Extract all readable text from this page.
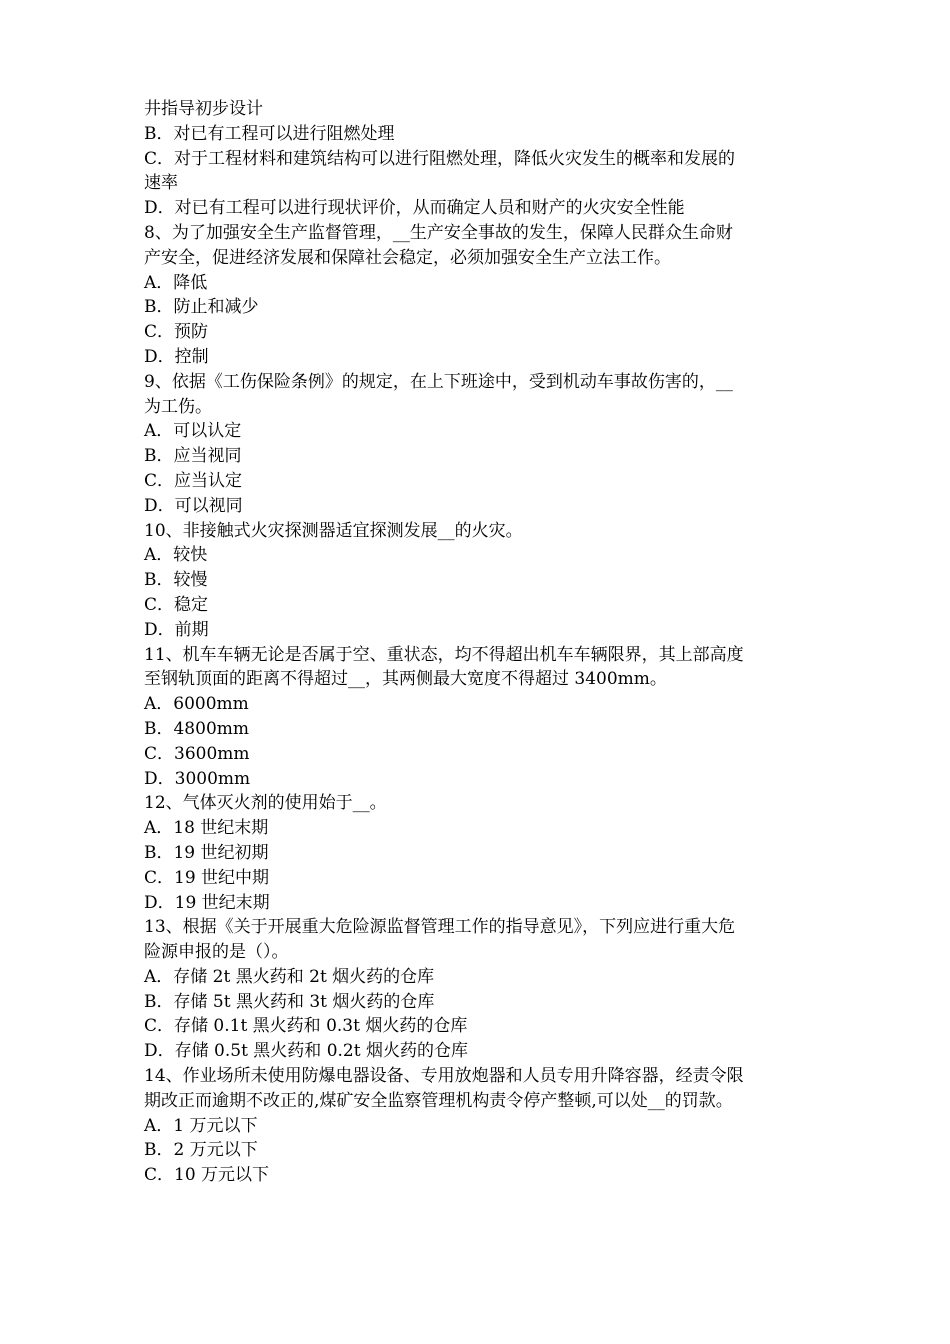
井指导初步设计
B．对已有工程可以进行阻燃处理
C．对于工程材料和建筑结构可以进行阻燃处理，降低火灾发生的概率和发展的
速率
D．对已有工程可以进行现状评价，从而确定人员和财产的火灾安全性能
8、为了加强安全生产监督管理，__生产安全事故的发生，保障人民群众生命财
产安全，促进经济发展和保障社会稳定，必须加强安全生产立法工作。
A．降低
B．防止和减少
C．预防
D．控制
9、依据《工伤保险条例》的规定，在上下班途中，受到机动车事故伤害的，__
为工伤。
A．可以认定
B．应当视同
C．应当认定
D．可以视同
10、非接触式火灾探测器适宜探测发展__的火灾。
A．较快
B．较慢
C．稳定
D．前期
11、机车车辆无论是否属于空、重状态，均不得超出机车车辆限界，其上部高度
至钢轨顶面的距离不得超过__，其两侧最大宽度不得超过 3400mm。
A．6000mm
B．4800mm
C．3600mm
D．3000mm
12、气体灭火剂的使用始于__。
A．18 世纪末期
B．19 世纪初期
C．19 世纪中期
D．19 世纪末期
13、根据《关于开展重大危险源监督管理工作的指导意见》，下列应进行重大危
险源申报的是（）。
A．存储 2t 黑火药和 2t 烟火药的仓库
B．存储 5t 黑火药和 3t 烟火药的仓库
C．存储 0.1t 黑火药和 0.3t 烟火药的仓库
D．存储 0.5t 黑火药和 0.2t 烟火药的仓库
14、作业场所未使用防爆电器设备、专用放炮器和人员专用升降容器，经责令限
期改正而逾期不改正的,煤矿安全监察管理机构责令停产整顿,可以处__的罚款。
A．1 万元以下
B．2 万元以下
C．10 万元以下
